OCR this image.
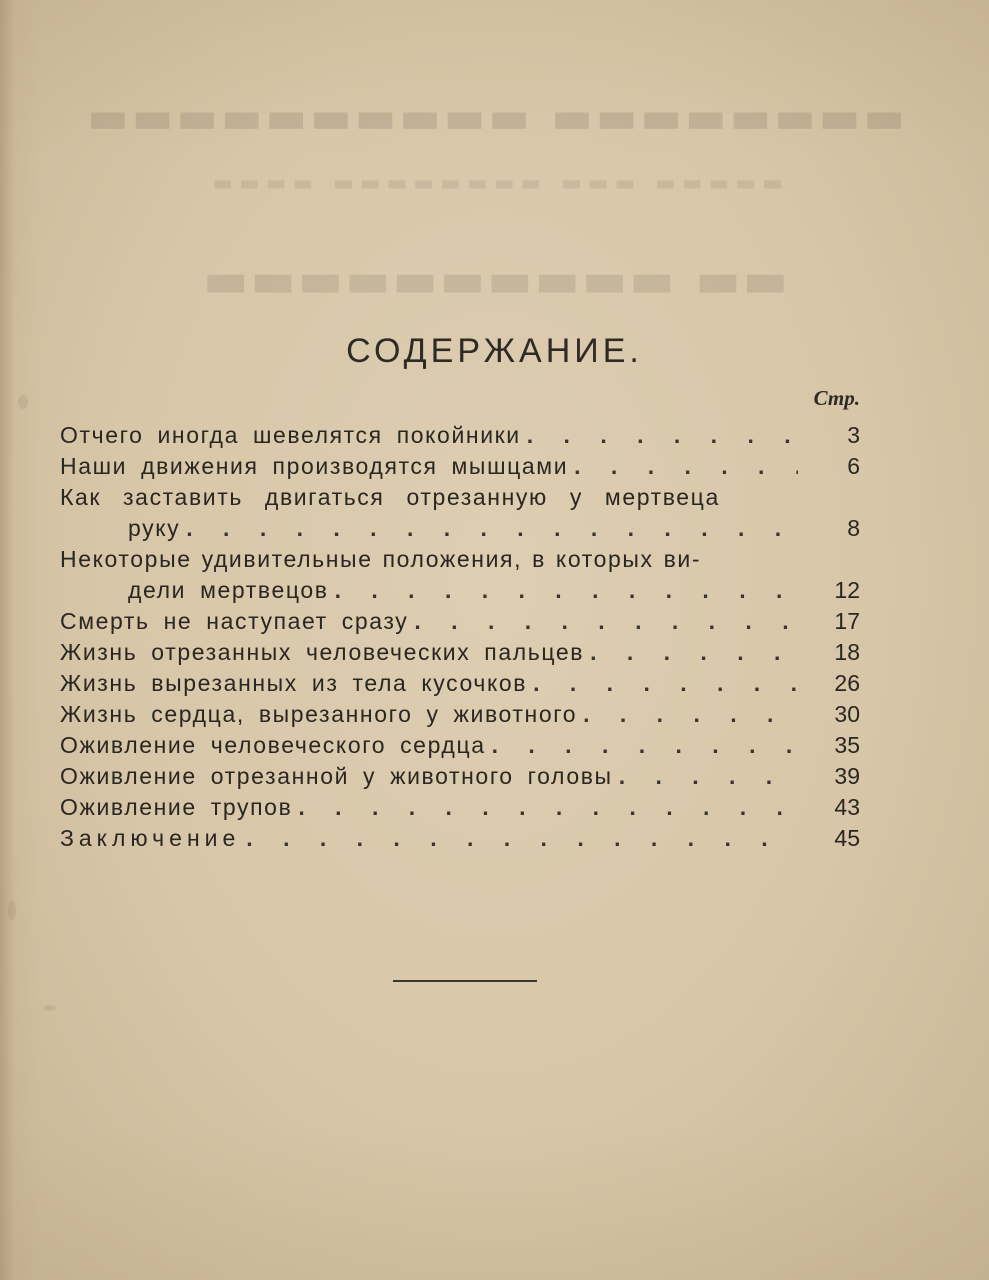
▬▬▬▬▬▬▬▬ ▬▬▬▬▬▬▬▬▬▬
▬▬▬▬▬ ▬▬▬ ▬▬▬▬▬▬▬▬ ▬▬▬▬
▬▬ ▬▬▬▬▬▬▬▬▬▬
СОДЕРЖАНИЕ.
Стр.
Отчего иногда шевелятся покойники . . .	3
Наши движения производятся мышцами . . .	6
Как заставить двигаться отрезанную у мертвеца
руку . . .	8
Некоторые удивительные положения, в которых ви-
дели мертвецов . . .	12
Смерть не наступает сразу . . .	17
Жизнь отрезанных человеческих пальцев . . .	18
Жизнь вырезанных из тела кусочков . . .	26
Жизнь сердца, вырезанного у животного . . .	30
Оживление человеческого сердца . . .	35
Оживление отрезанной у животного головы . . .	39
Оживление трупов . . .	43
Заключение . . .	45
